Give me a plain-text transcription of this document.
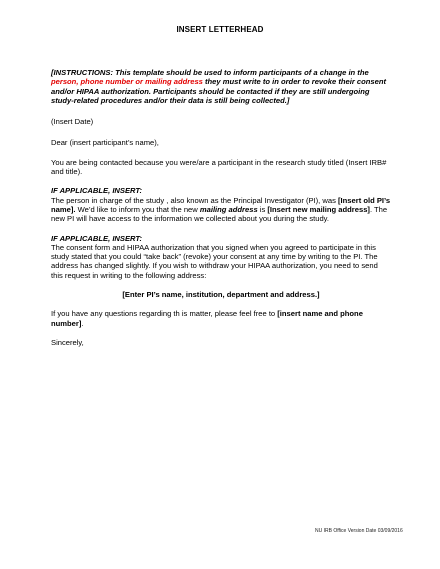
INSERT LETTERHEAD

[INSTRUCTIONS: This template should be used to inform participants of a change in the person, phone number or mailing address they must write to in order to revoke their consent and/or HIPAA authorization. Participants should be contacted if they are still undergoing study-related procedures and/or their data is still being collected.]

(Insert Date)

Dear (insert participant’s name),

You are being contacted because you were/are a participant in the research study titled (Insert IRB# and title).

IF APPLICABLE, INSERT:

The person in charge of the study , also known as the Principal Investigator (PI), was [Insert old PI’s name]. We’d like to inform you that the new mailing address is [Insert new mailing address]. The new PI will have access to the information we collected about you during the study.

IF APPLICABLE, INSERT:

The consent form and HIPAA authorization that you signed when you agreed to participate in this study stated that you could “take back” (revoke) your consent at any time by writing to the PI. The address has changed slightly. If you wish to withdraw your HIPAA authorization, you need to send this request in writing to the following address:

[Enter PI’s name, institution, department and address.]

If you have any questions regarding th is matter, please feel free to [insert name and phone number].

Sincerely,

NU IRB Office Version Date 03/09/2016
